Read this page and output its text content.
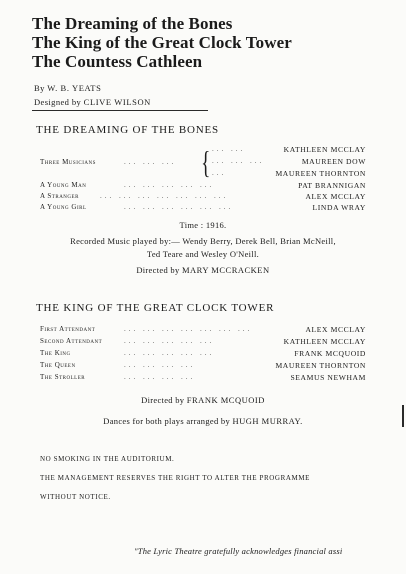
The Dreaming of the Bones
The King of the Great Clock Tower
The Countess Cathleen
By W. B. YEATS
Designed by CLIVE WILSON
THE DREAMING OF THE BONES
Three Musicians	... ... ... { ... ...	KATHLEEN MCCLAY
... ... ...	MAUREEN DOW
...	MAUREEN THORNTON
A Young Man	... ... ... ... ...	PAT BRANNIGAN
A Stranger	... ... ... ... ... ... ...	ALEX MCCLAY
A Young Girl	... ... ... ... ... ...	LINDA WRAY
Time : 1916.
Recorded Music played by:— Wendy Berry, Derek Bell, Brian McNeill,
Ted Teare and Wesley O'Neill.
Directed by MARY MCCRACKEN
THE KING OF THE GREAT CLOCK TOWER
First Attendant	... ... ... ... ... ... ...	ALEX MCCLAY
Second Attendant	... ... ... ... ...	KATHLEEN MCCLAY
The King	... ... ... ... ...	FRANK MCQUOID
The Queen	... ... ... ...	MAUREEN THORNTON
The Stroller	... ... ... ...	SEAMUS NEWHAM
Directed by FRANK MCQUOID
Dances for both plays arranged by HUGH MURRAY.
NO SMOKING IN THE AUDITORIUM.
THE MANAGEMENT RESERVES THE RIGHT TO ALTER THE PROGRAMME
WITHOUT NOTICE.
"The Lyric Theatre gratefully acknowledges financial assi
